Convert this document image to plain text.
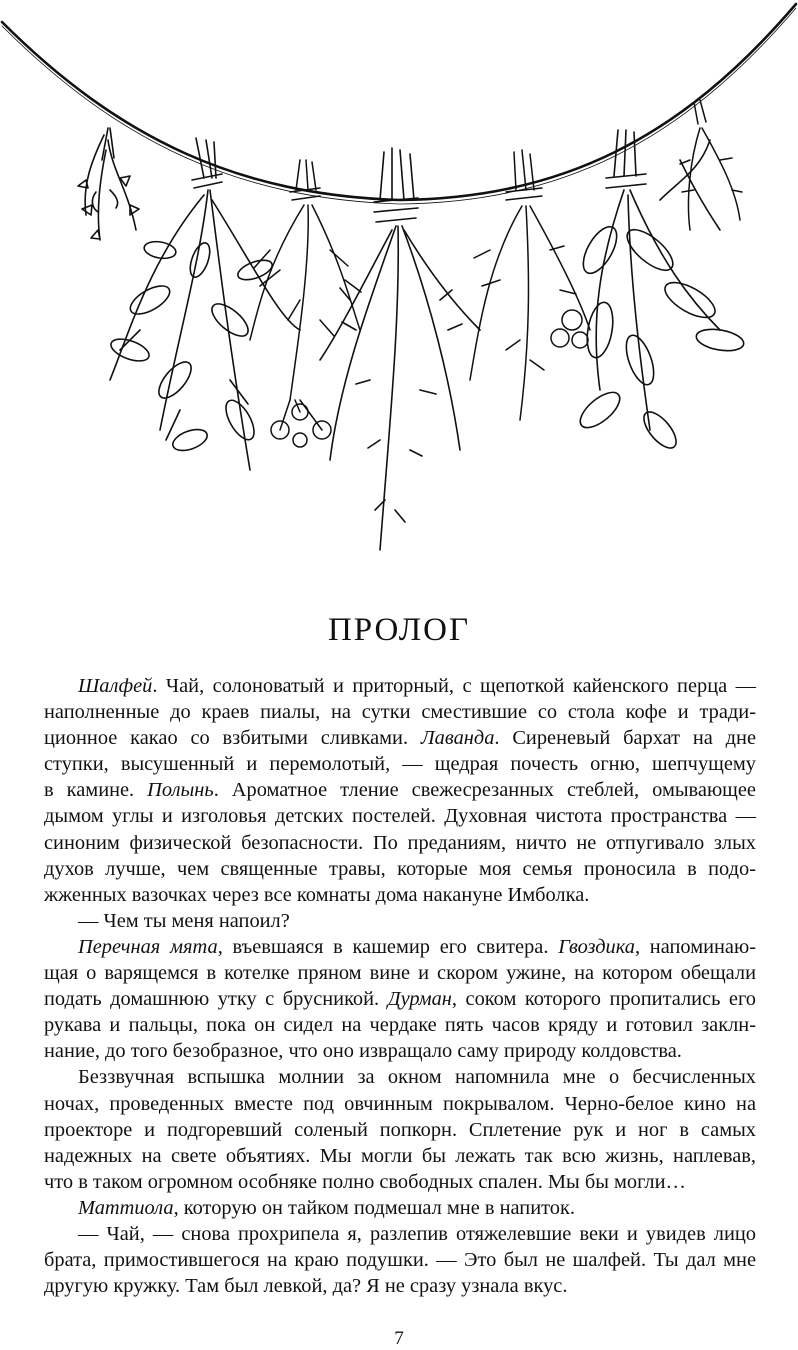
ПРОЛОГ

Шалфей. Чай, солоноватый и приторный, с щепоткой кайенского перца —

наполненные до краев пиалы, на сутки сместившие со стола кофе и тради-

ционное какао со взбитыми сливками. Лаванда. Сиреневый бархат на дне

ступки, высушенный и перемолотый, — щедрая почесть огню, шепчущему

в камине. Полынь. Ароматное тление свежесрезанных стеблей, омывающее

дымом углы и изголовья детских постелей. Духовная чистота пространства —

синоним физической безопасности. По преданиям, ничто не отпугивало злых

духов лучше, чем священные травы, которые моя семья проносила в подо-

жженных вазочках через все комнаты дома накануне Имболка.

— Чем ты меня напоил?

Перечная мята, въевшаяся в кашемир его свитера. Гвоздика, напоминаю-

щая о варящемся в котелке пряном вине и скором ужине, на котором обещали

подать домашнюю утку с брусникой. Дурман, соком которого пропитались его

рукава и пальцы, пока он сидел на чердаке пять часов кряду и готовил заклн-

нание, до того безобразное, что оно извращало саму природу колдовства.

Беззвучная вспышка молнии за окном напомнила мне о бесчисленных

ночах, проведенных вместе под овчинным покрывалом. Черно-белое кино на

проекторе и подгоревший соленый попкорн. Сплетение рук и ног в самых

надежных на свете объятиях. Мы могли бы лежать так всю жизнь, наплевав,

что в таком огромном особняке полно свободных спален. Мы бы могли…

Маттиола, которую он тайком подмешал мне в напиток.

— Чай, — снова прохрипела я, разлепив отяжелевшие веки и увидев лицо

брата, примостившегося на краю подушки. — Это был не шалфей. Ты дал мне

другую кружку. Там был левкой, да? Я не сразу узнала вкус.

7
